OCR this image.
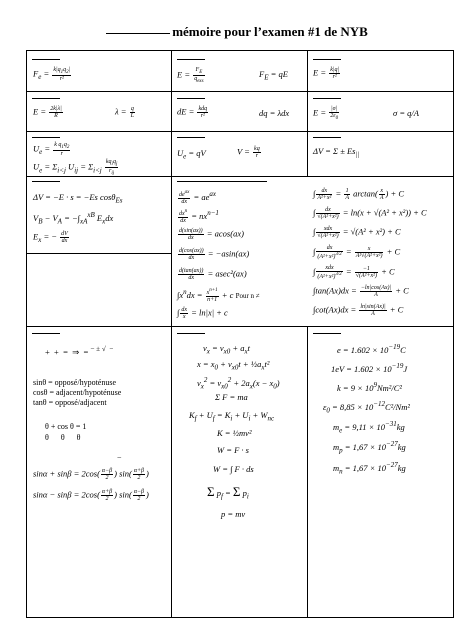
mémoire pour l’examen #1 de NYB
$F_e = \frac{k|q_1q_2|}{\text{r²}}$	$E = \frac{F_E}{q_{exs}}$	$F_E$ = qE	$E = \frac{k|q|}{\text{r²}}$
$E = \frac{2k|\lambda|}{R}$	$\lambda = \frac{q}{L}$	dE = $\frac{\text{kdq}}{\text{r²}}$	dq = λdx	$E = \frac{|\sigma|}{2\varepsilon_0}$	σ = q/A
$U_e = \frac{k q_1q_2}{r}$
$U_e = \Sigma_{i<j}$ $U_{ij} = \Sigma_{i<j} \frac{kq_iq_j}{r_{ij}}$
$U_e$ = qV	$V = \frac{kq}{r}$	$\Delta V = \Sigma \pm Es_{||}$
ΔV = −E · s = −Es cosθ$_{Es}$
$V_B - V_A = -\int_{xA}^{xB}$ $E_xdx$
$E_x$ = − $\frac{dV}{dx}$
$\frac{de^{ax}}{dx} = ae^{ax}$
$\frac{dx^n}{dx} = nx^{n-1}$
$\frac{d(\sin(ax))}{dx} = acos(ax)$
$\frac{d(\cos(ax))}{dx} = -asin(ax)$
$\frac{d(\tan(ax))}{dx} = asec^2(ax)$
$\int x^ndx = \frac{x^{n+1}}{n+1} + c$ Pour n ≠
∫ $\frac{dx}{x} = \ln|x| + c$
∫ $\frac{dx}{\text{A²+x²}} = \frac{1}{A} \arctan( \frac{x}{A}$ ) + C
∫ $\frac{dx}{\text{√(A²+x²)}} = \ln(x + √(A^2 + x^2)) + C$
∫ $\frac{\text{xdx}}{\text{√(A²+x²)}} = √(A^2 + x^2) + C$
∫ $\frac{dx}{(A^2+x^2)^{3/2}} = \frac{x}{\text{A²√(A²+x²)}} + C$
∫ $\frac{\text{xdx}}{(A^2+x^2)^{3/2}} = \frac{-1}{\text{√(A²+x²)}} + C$
$\int\tan(Ax)dx = \frac{-\ln|\cos(Ax)|}{A} + C$
$\int\cot(Ax)dx = \frac{\ln|\sin(Ax)|}{A} + C$
+  +  =  ⇒  = − ± √  −
sinθ = opposé/hypoténuse
cosθ = adjacent/hypoténuse
tanθ = opposé/adjacent
θ + cos θ = 1
θ      θ      θ
−
$\sin\alpha + \sin\beta = 2\cos( \frac{\alpha-\beta}{2}$ ) $\sin( \frac{\alpha+\beta}{2}$ )
$\sin\alpha - \sin\beta = 2\cos( \frac{\alpha+\beta}{2}$ ) $\sin( \frac{\alpha-\beta}{2}$ )
$v_x = v_{x0} + a_xt$
$x = x_0 + v_{x0}t$ + $\frac{1}{2}a_xt^2$
$v_x^2 = v_{x0}^2 + 2a_x(x - x_0)$
Σ F = ma
$K_f + U_f = K_i + U_i + W_{nc}$
K = ½mv²
W = F · s
W = ∫ F · ds
Σ $p_f = \Sigma$ $p_i$
p = mv
$e = 1.602 \times 10^{-19}C$
$1eV = 1.602 \times 10^{-19}J$
$k = 9 \times 10^9Nm^2/C^2$
$\varepsilon_0 = 8,85 \times 10^{-12}C^2/Nm^2$
$m_e = 9,11 \times 10^{-31}kg$
$m_p = 1,67 \times 10^{-27}kg$
$m_n = 1,67 \times 10^{-27}kg$
